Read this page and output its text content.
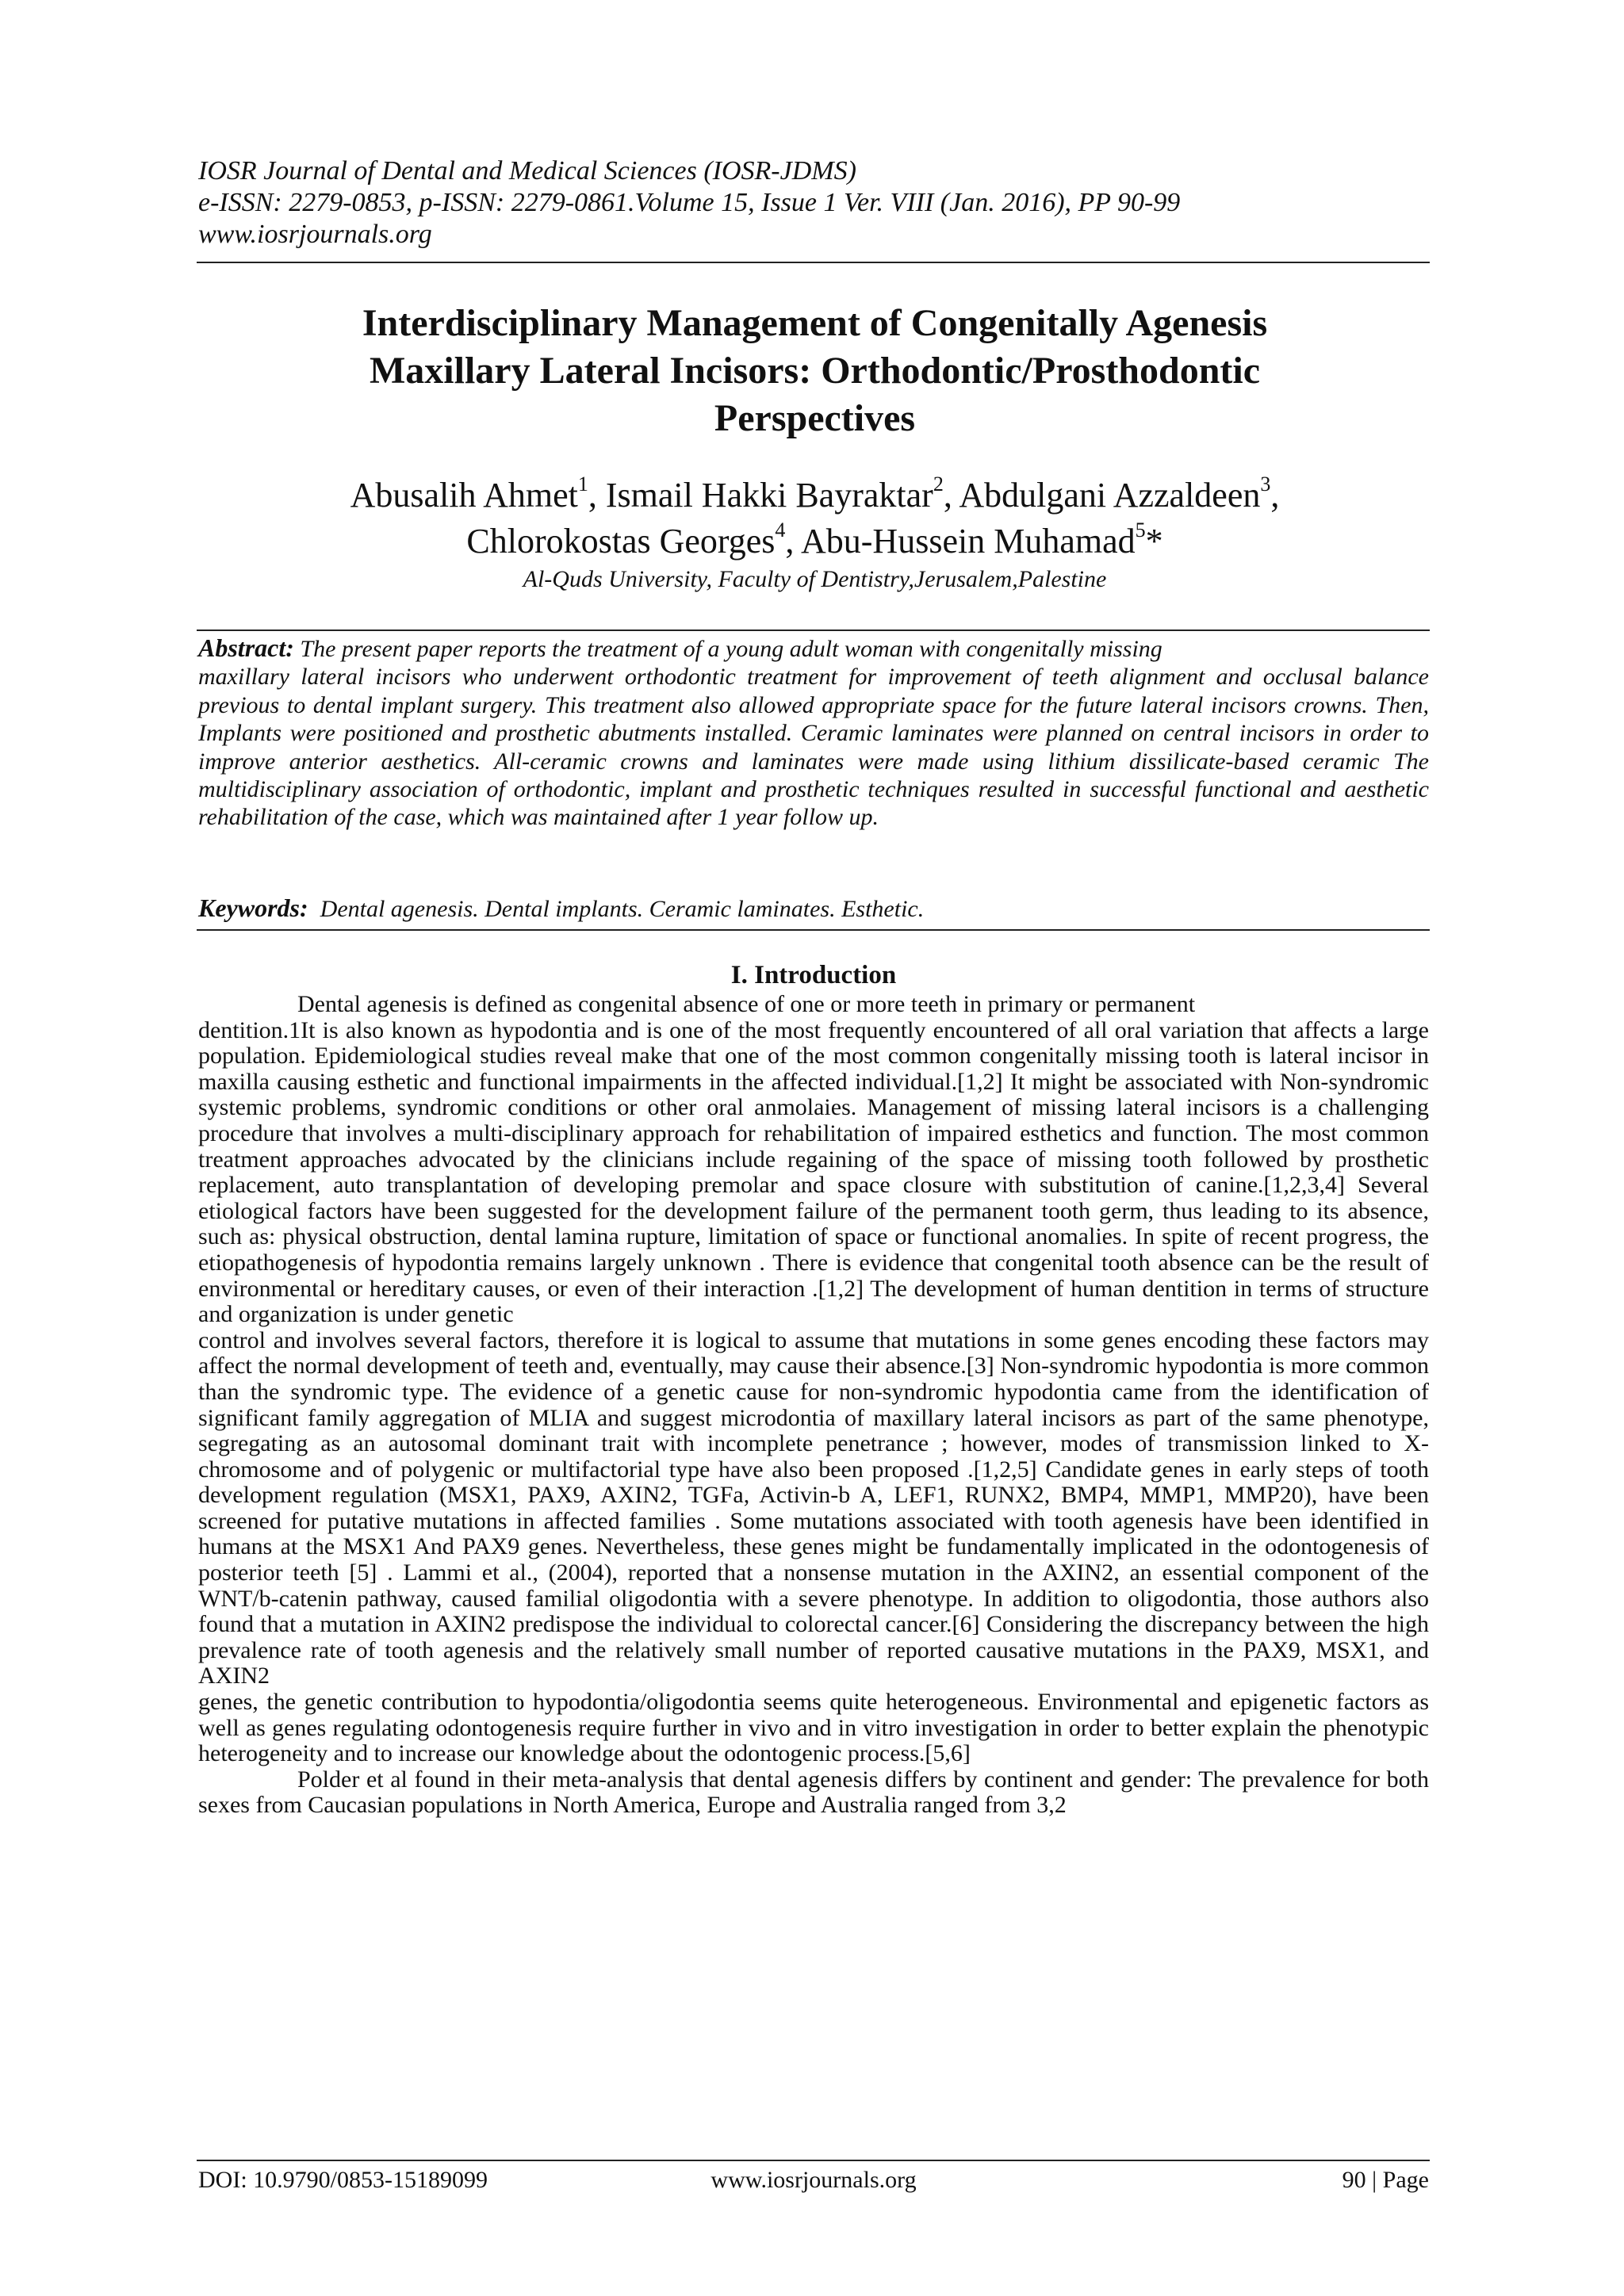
IOSR Journal of Dental and Medical Sciences (IOSR-JDMS)
e-ISSN: 2279-0853, p-ISSN: 2279-0861.Volume 15, Issue 1 Ver. VIII (Jan. 2016), PP 90-99
www.iosrjournals.org
Interdisciplinary Management of Congenitally Agenesis
Maxillary Lateral Incisors: Orthodontic/Prosthodontic
Perspectives
Abusalih Ahmet$^1$, Ismail Hakki Bayraktar$^2$, Abdulgani Azzaldeen$^3$,
Chlorokostas Georges$^4$, Abu-Hussein Muhamad$^5$*
Al-Quds University, Faculty of Dentistry,Jerusalem,Palestine

Abstract: The present paper reports the treatment of a young adult woman with congenitally missing

maxillary lateral incisors who underwent orthodontic treatment for improvement of teeth alignment and occlusal balance previous to dental implant surgery. This treatment also allowed appropriate space for the future lateral incisors crowns. Then, Implants were positioned and prosthetic abutments installed. Ceramic laminates were planned on central incisors in order to improve anterior aesthetics. All-ceramic crowns and laminates were made using lithium dissilicate-based ceramic The multidisciplinary association of orthodontic, implant and prosthetic techniques resulted in successful functional and aesthetic rehabilitation of the case, which was maintained after 1 year follow up.

Keywords: Dental agenesis. Dental implants. Ceramic laminates. Esthetic.
I. Introduction

Dental agenesis is defined as congenital absence of one or more teeth in primary or permanent

dentition.1It is also known as hypodontia and is one of the most frequently encountered of all oral variation that affects a large population. Epidemiological studies reveal make that one of the most common congenitally missing tooth is lateral incisor in maxilla causing esthetic and functional impairments in the affected individual.[1,2] It might be associated with Non-syndromic systemic problems, syndromic conditions or other oral anmolaies. Management of missing lateral incisors is a challenging procedure that involves a multi-disciplinary approach for rehabilitation of impaired esthetics and function. The most common treatment approaches advocated by the clinicians include regaining of the space of missing tooth followed by prosthetic replacement, auto transplantation of developing premolar and space closure with substitution of canine.[1,2,3,4] Several etiological factors have been suggested for the development failure of the permanent tooth germ, thus leading to its absence, such as: physical obstruction, dental lamina rupture, limitation of space or functional anomalies. In spite of recent progress, the etiopathogenesis of hypodontia remains largely unknown . There is evidence that congenital tooth absence can be the result of environmental or hereditary causes, or even of their interaction .[1,2] The development of human dentition in terms of structure and organization is under genetic

control and involves several factors, therefore it is logical to assume that mutations in some genes encoding these factors may affect the normal development of teeth and, eventually, may cause their absence.[3] Non-syndromic hypodontia is more common than the syndromic type. The evidence of a genetic cause for non-syndromic hypodontia came from the identification of significant family aggregation of MLIA and suggest microdontia of maxillary lateral incisors as part of the same phenotype, segregating as an autosomal dominant trait with incomplete penetrance ; however, modes of transmission linked to X-chromosome and of polygenic or multifactorial type have also been proposed .[1,2,5] Candidate genes in early steps of tooth development regulation (MSX1, PAX9, AXIN2, TGFa, Activin-b A, LEF1, RUNX2, BMP4, MMP1, MMP20), have been screened for putative mutations in affected families . Some mutations associated with tooth agenesis have been identified in humans at the MSX1 And PAX9 genes. Nevertheless, these genes might be fundamentally implicated in the odontogenesis of posterior teeth [5] . Lammi et al., (2004), reported that a nonsense mutation in the AXIN2, an essential component of the WNT/b-catenin pathway, caused familial oligodontia with a severe phenotype. In addition to oligodontia, those authors also found that a mutation in AXIN2 predispose the individual to colorectal cancer.[6] Considering the discrepancy between the high prevalence rate of tooth agenesis and the relatively small number of reported causative mutations in the PAX9, MSX1, and AXIN2

genes, the genetic contribution to hypodontia/oligodontia seems quite heterogeneous. Environmental and epigenetic factors as well as genes regulating odontogenesis require further in vivo and in vitro investigation in order to better explain the phenotypic heterogeneity and to increase our knowledge about the odontogenic process.[5,6]

Polder et al found in their meta-analysis that dental agenesis differs by continent and gender: The prevalence for both sexes from Caucasian populations in North America, Europe and Australia ranged from 3,2

DOI: 10.9790/0853-15189099	www.iosrjournals.org	90 | Page
